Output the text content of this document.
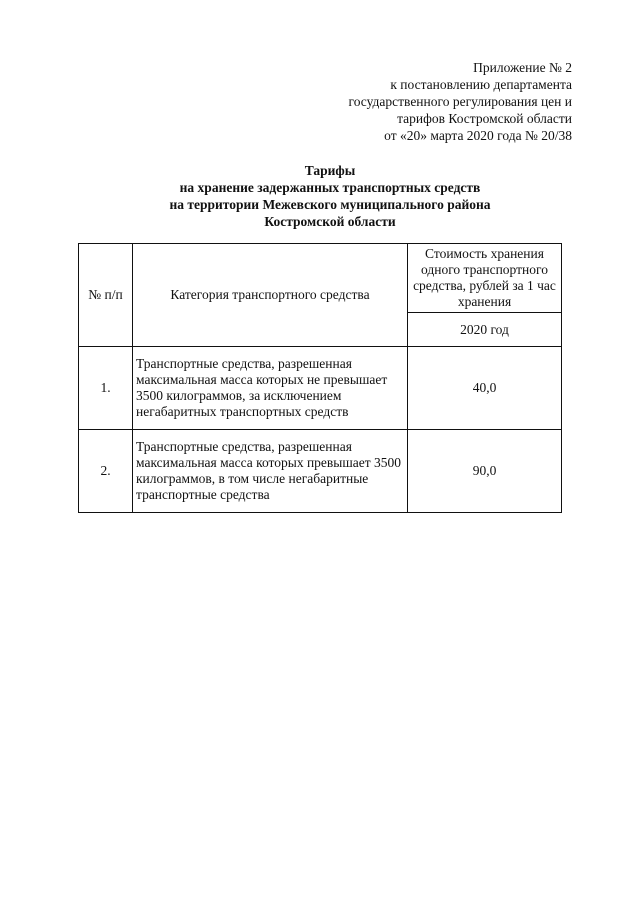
Приложение № 2
к постановлению департамента
государственного регулирования цен и
тарифов Костромской области
от «20» марта 2020 года № 20/38
Тарифы
на хранение задержанных транспортных средств
на территории Межевского муниципального района
Костромской области
№ п/п	Категория транспортного средства	Стоимость хранения одного транспортного средства, рублей за 1 час хранения
		2020 год
1.	Транспортные средства, разрешенная максимальная масса которых не превышает 3500 килограммов, за исключением негабаритных транспортных средств	40,0
2.	Транспортные средства, разрешенная максимальная масса которых превышает 3500 килограммов, в том числе негабаритные транспортные средства	90,0
